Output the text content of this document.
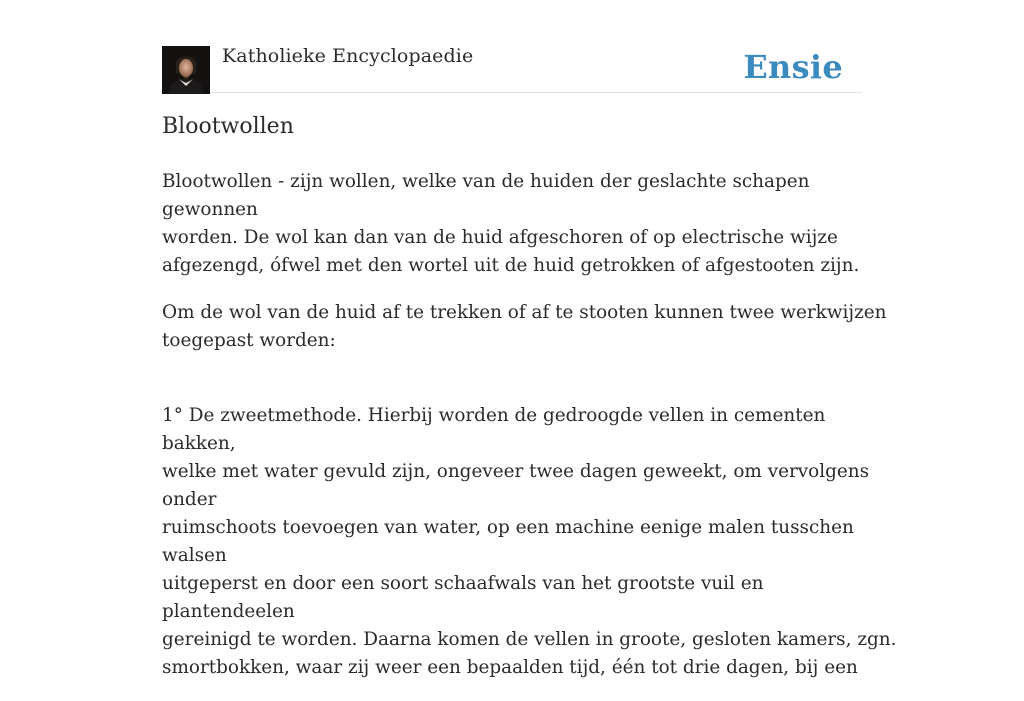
Katholieke Encyclopaedie	Ensie
Blootwollen

Blootwollen - zijn wollen, welke van de huiden der geslachte schapen gewonnen
worden. De wol kan dan van de huid afgeschoren of op electrische wijze
afgezengd, ófwel met den wortel uit de huid getrokken of afgestooten zijn.

Om de wol van de huid af te trekken of af te stooten kunnen twee werkwijzen
toegepast worden:

1° De zweetmethode. Hierbij worden de gedroogde vellen in cementen bakken,
welke met water gevuld zijn, ongeveer twee dagen geweekt, om vervolgens onder
ruimschoots toevoegen van water, op een machine eenige malen tusschen walsen
uitgeperst en door een soort schaafwals van het grootste vuil en plantendeelen
gereinigd te worden. Daarna komen de vellen in groote, gesloten kamers, zgn.
smortbokken, waar zij weer een bepaalden tijd, één tot drie dagen, bij een
